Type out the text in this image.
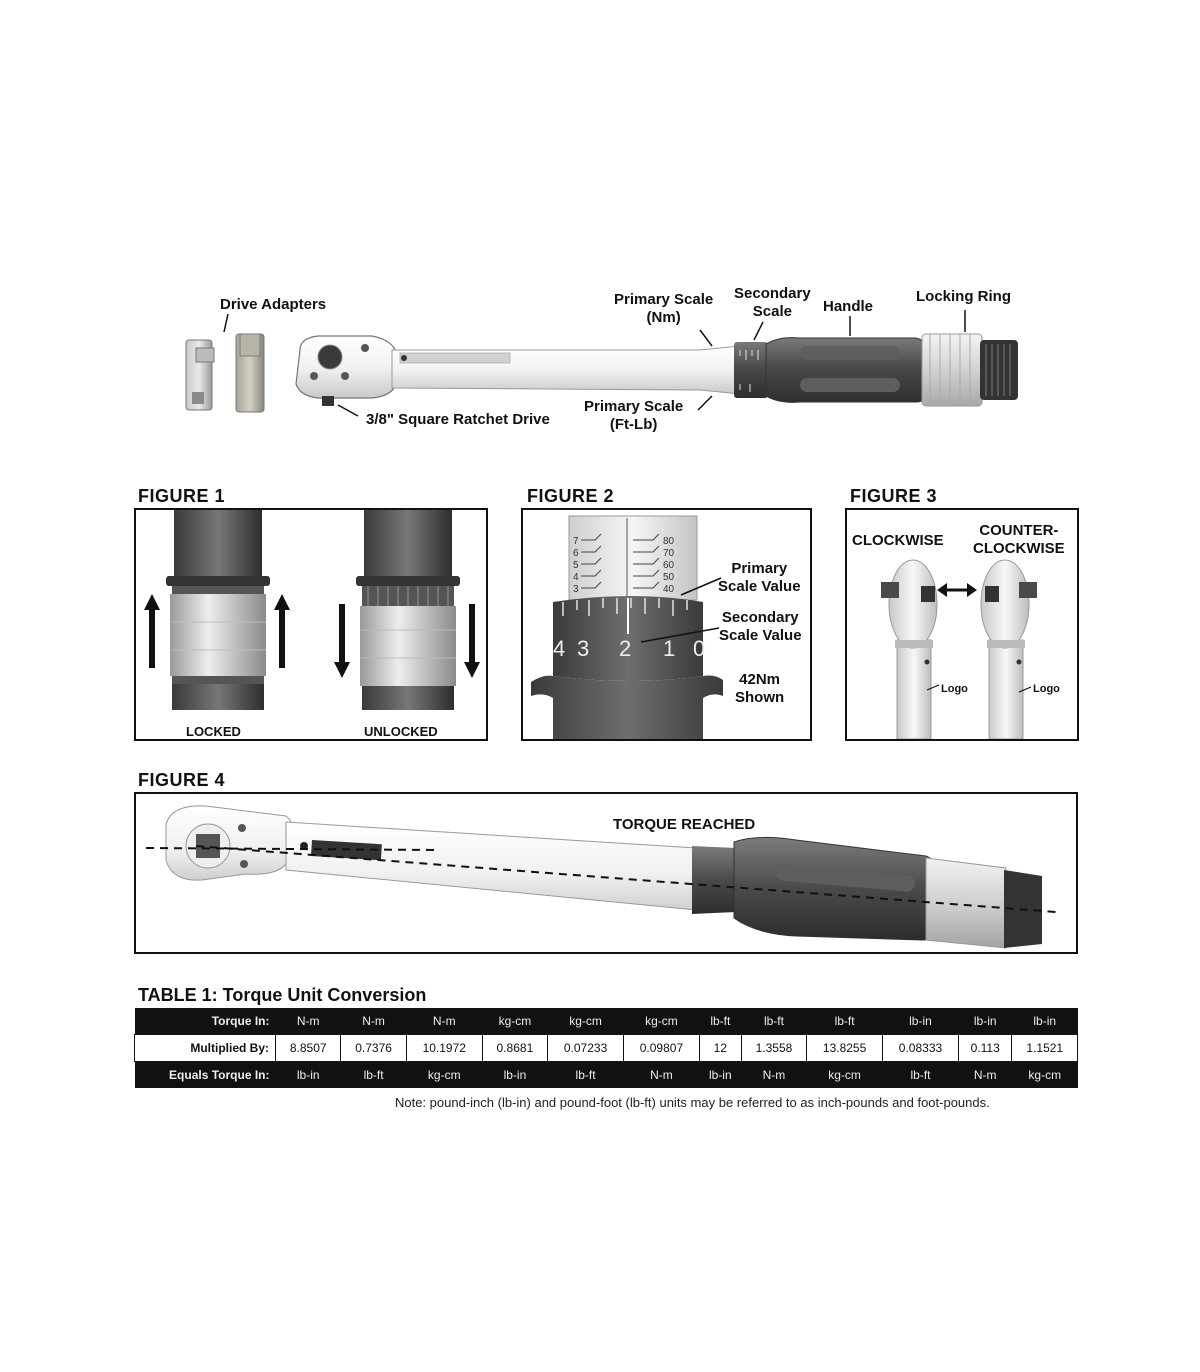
Drive Adapters
3/8" Square Ratchet Drive
Primary Scale
(Nm)
Secondary
Scale	Handle
Locking Ring
Primary Scale
(Ft-Lb)
FIGURE 1
LOCKED	UNLOCKED
FIGURE 2
7
6
5
4
3
80
70
60
50
40
4 3 2 1 0
Primary
Scale Value
Secondary
Scale Value
42Nm
Shown
FIGURE 3
CLOCKWISE
COUNTER-
CLOCKWISE
Logo	Logo
FIGURE 4
TORQUE REACHED
TABLE 1: Torque Unit Conversion
Torque In:	N-m	N-m	N-m	kg-cm	kg-cm	kg-cm	lb-ft	lb-ft	lb-ft	lb-in	lb-in	lb-in
Multiplied By:	8.8507	0.7376	10.1972	0.8681	0.07233	0.09807	12	1.3558	13.8255	0.08333	0.113	1.1521
Equals Torque In:	lb-in	lb-ft	kg-cm	lb-in	lb-ft	N-m	lb-in	N-m	kg-cm	lb-ft	N-m	kg-cm
Note: pound-inch (lb-in) and pound-foot (lb-ft) units may be referred to as inch-pounds and foot-pounds.
